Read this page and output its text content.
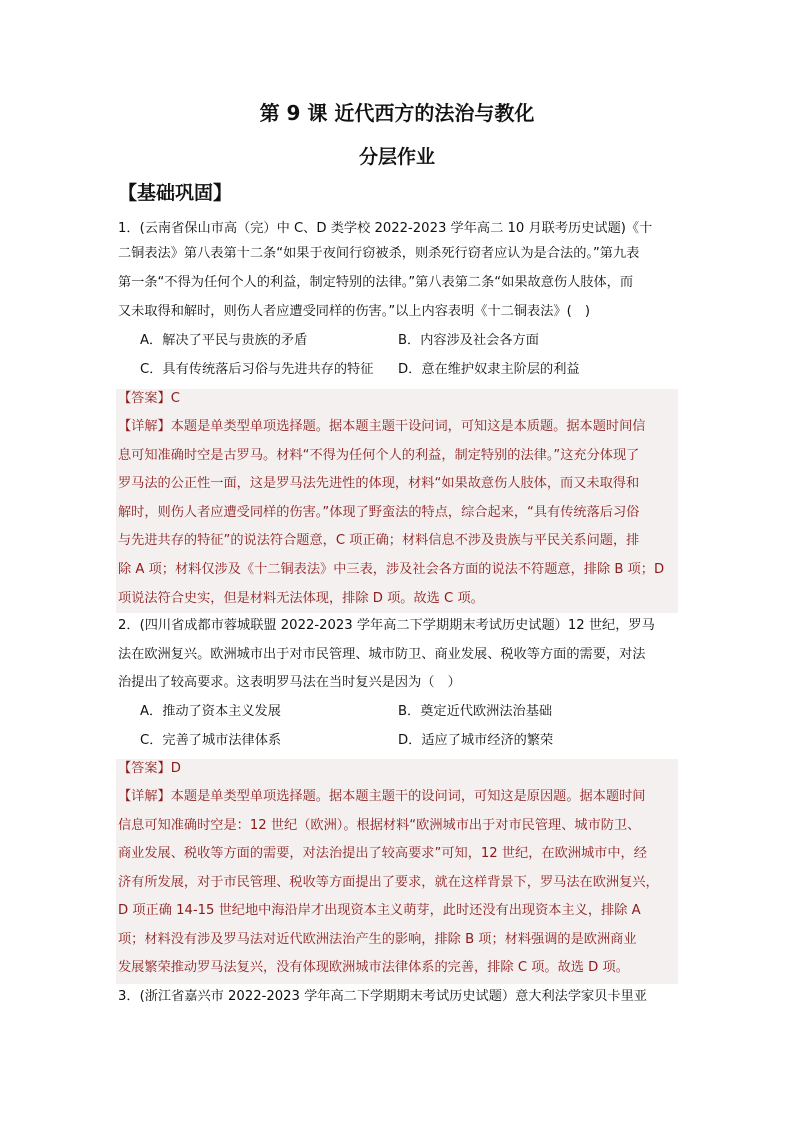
第 9 课 近代西方的法治与教化
分层作业
【基础巩固】
1．(云南省保山市高（完）中 C、D 类学校 2022-2023 学年高二 10 月联考历史试题)《十
二铜表法》第八表第十二条“如果于夜间行窃被杀，则杀死行窃者应认为是合法的。”第九表
第一条“不得为任何个人的利益，制定特别的法律。”第八表第二条“如果故意伤人肢体，而
又未取得和解时，则伤人者应遭受同样的伤害。”以上内容表明《十二铜表法》(　)
A．解决了平民与贵族的矛盾	B．内容涉及社会各方面
C．具有传统落后习俗与先进共存的特征 D．意在维护奴隶主阶层的利益
【答案】C
【详解】本题是单类型单项选择题。据本题主题干设问词，可知这是本质题。据本题时间信
息可知准确时空是古罗马。材料“不得为任何个人的利益，制定特别的法律。”这充分体现了
罗马法的公正性一面，这是罗马法先进性的体现，材料“如果故意伤人肢体，而又未取得和
解时，则伤人者应遭受同样的伤害。”体现了野蛮法的特点，综合起来，“具有传统落后习俗
与先进共存的特征”的说法符合题意，C 项正确；材料信息不涉及贵族与平民关系问题，排
除 A 项；材料仅涉及《十二铜表法》中三表，涉及社会各方面的说法不符题意，排除 B 项；D
项说法符合史实，但是材料无法体现，排除 D 项。故选 C 项。
2．(四川省成都市蓉城联盟 2022-2023 学年高二下学期期末考试历史试题）12 世纪，罗马
法在欧洲复兴。欧洲城市出于对市民管理、城市防卫、商业发展、税收等方面的需要，对法
治提出了较高要求。这表明罗马法在当时复兴是因为（　）
A．推动了资本主义发展	B．奠定近代欧洲法治基础
C．完善了城市法律体系	D．适应了城市经济的繁荣
【答案】D
【详解】本题是单类型单项选择题。据本题主题干的设问词，可知这是原因题。据本题时间
信息可知准确时空是：12 世纪（欧洲）。根据材料“欧洲城市出于对市民管理、城市防卫、
商业发展、税收等方面的需要，对法治提出了较高要求”可知，12 世纪，在欧洲城市中，经
济有所发展，对于市民管理、税收等方面提出了要求，就在这样背景下，罗马法在欧洲复兴，
D 项正确 14-15 世纪地中海沿岸才出现资本主义萌芽，此时还没有出现资本主义，排除 A
项；材料没有涉及罗马法对近代欧洲法治产生的影响，排除 B 项；材料强调的是欧洲商业
发展繁荣推动罗马法复兴，没有体现欧洲城市法律体系的完善，排除 C 项。故选 D 项。
3．(浙江省嘉兴市 2022-2023 学年高二下学期期末考试历史试题）意大利法学家贝卡里亚
